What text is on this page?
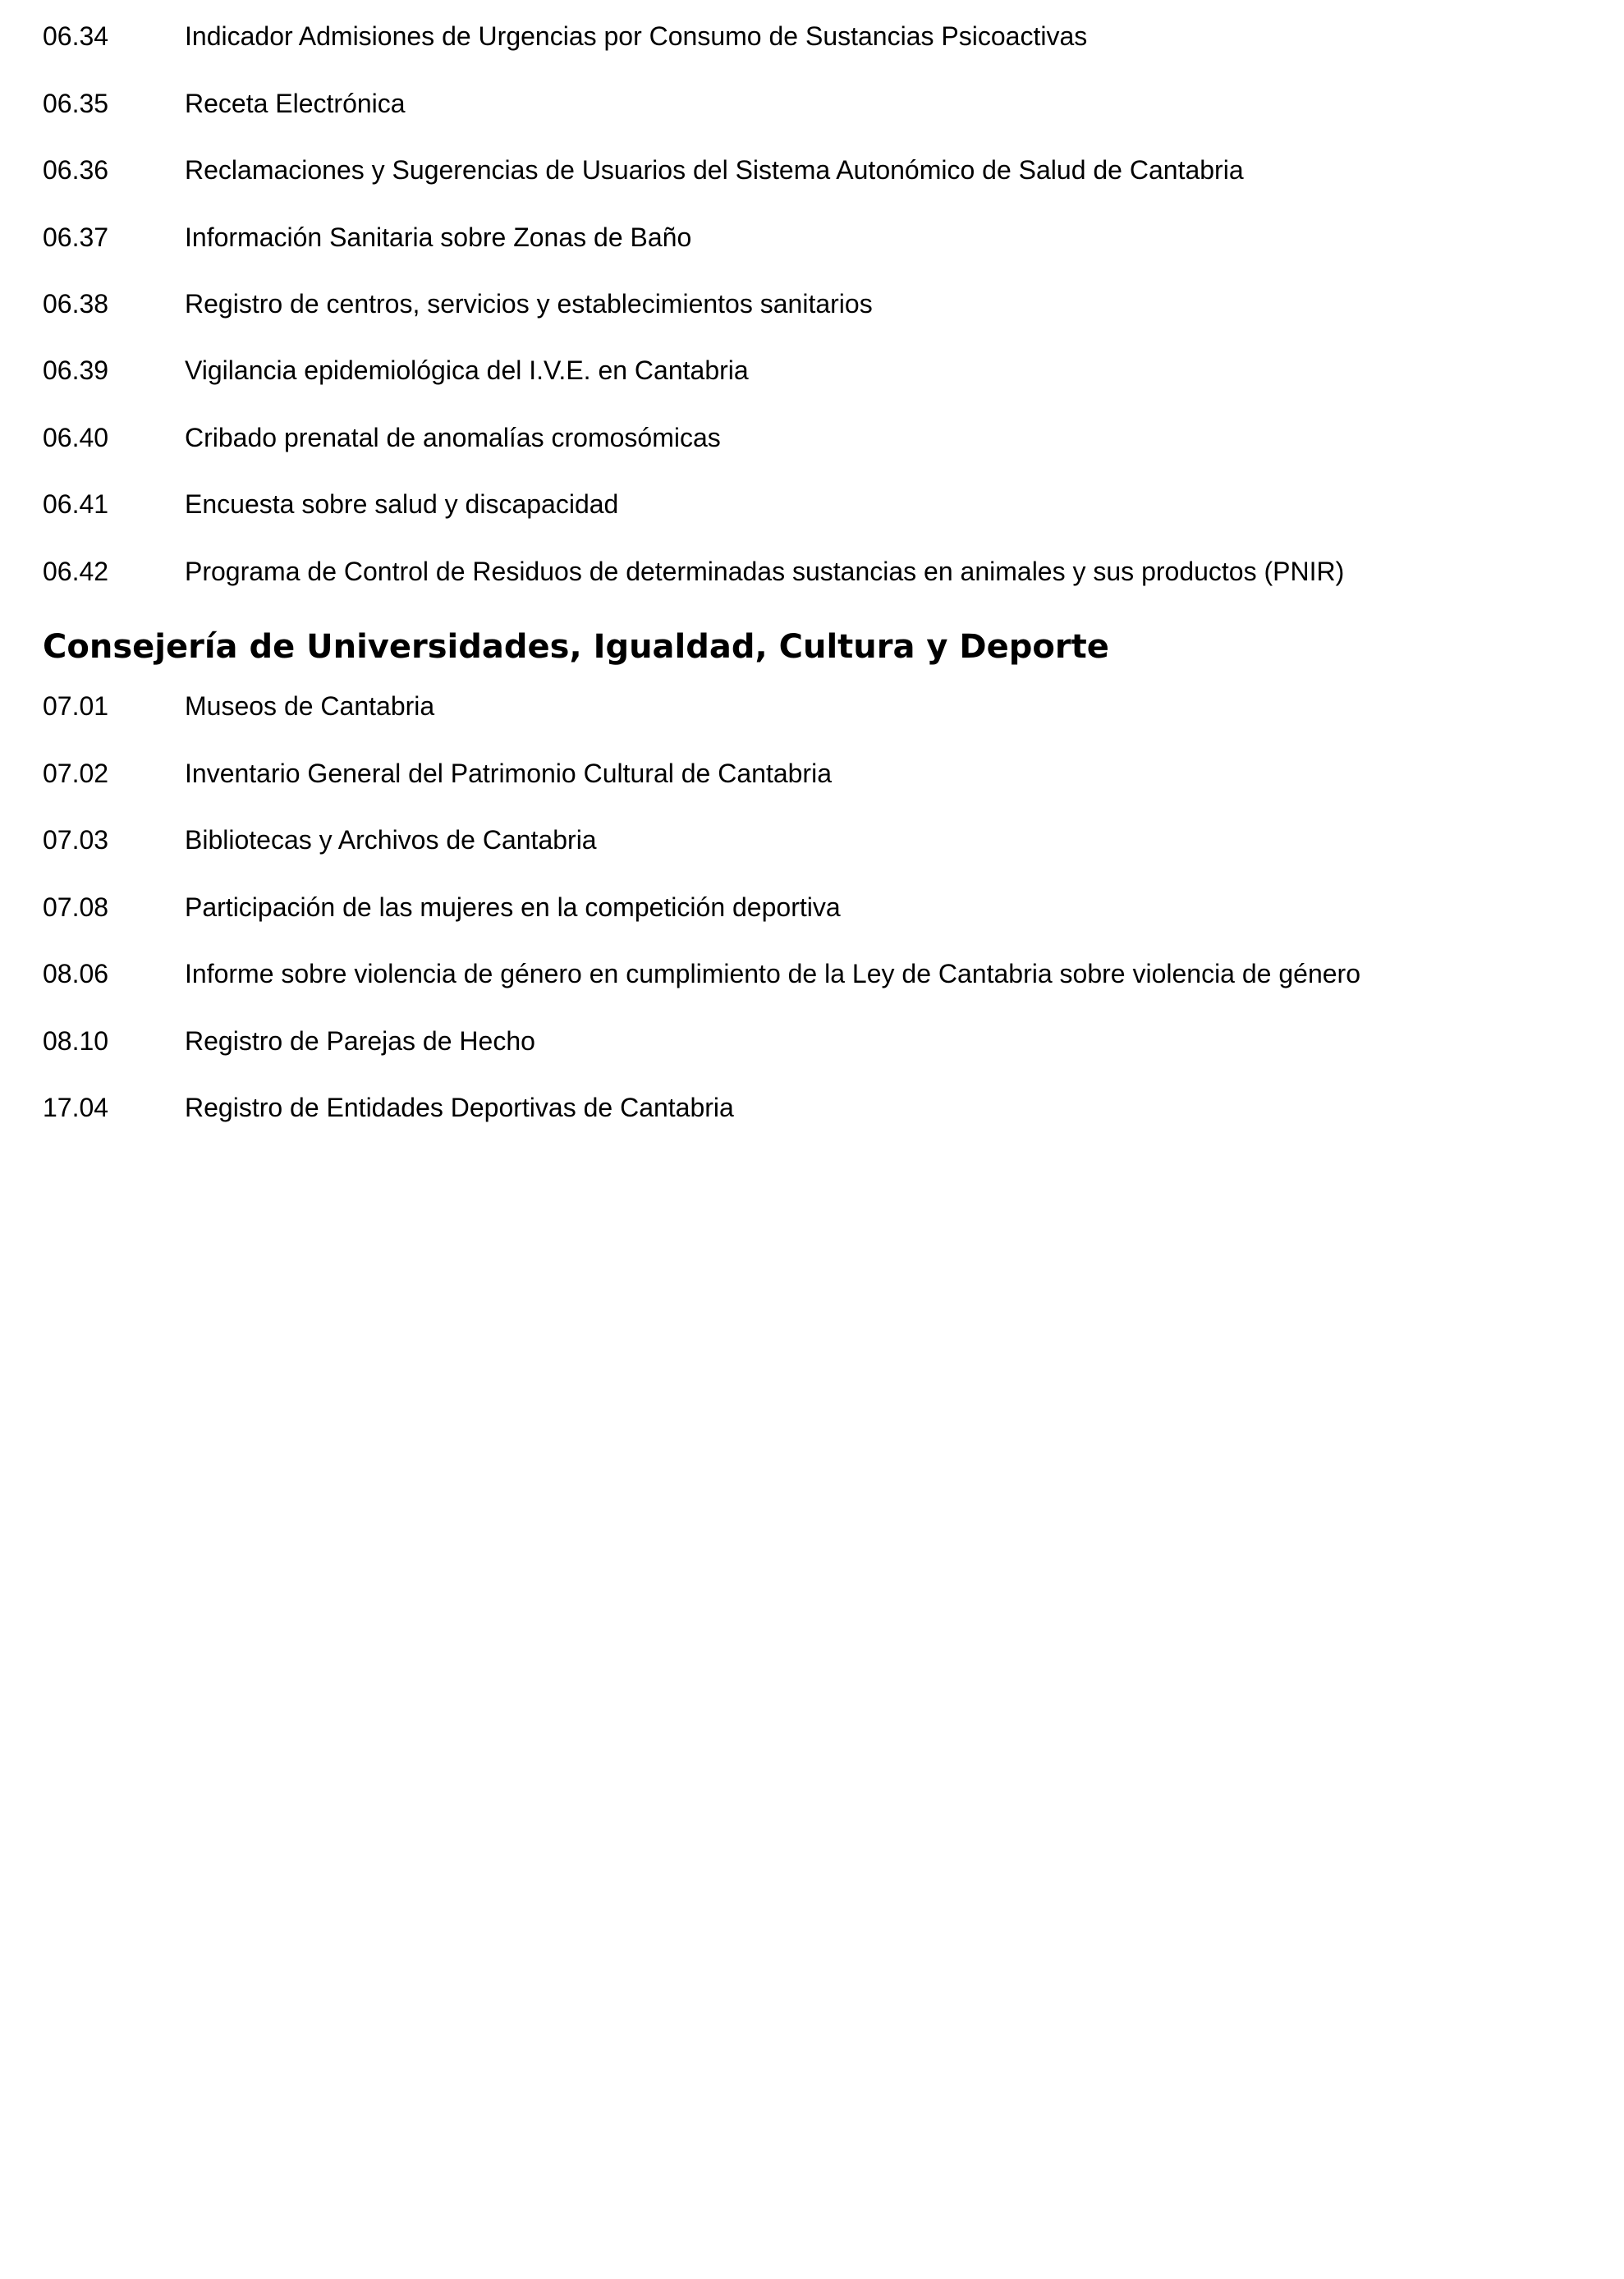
06.34	Indicador Admisiones de Urgencias por Consumo de Sustancias Psicoactivas
06.35	Receta Electrónica
06.36	Reclamaciones y Sugerencias de Usuarios del Sistema Autonómico de Salud de Cantabria
06.37	Información Sanitaria sobre Zonas de Baño
06.38	Registro de centros, servicios y establecimientos sanitarios
06.39	Vigilancia epidemiológica del I.V.E. en Cantabria
06.40	Cribado prenatal de anomalías cromosómicas
06.41	Encuesta sobre salud y discapacidad
06.42	Programa de Control de Residuos de determinadas sustancias en animales y sus productos (PNIR)
Consejería de Universidades, Igualdad, Cultura y Deporte
07.01	Museos de Cantabria
07.02	Inventario General del Patrimonio Cultural de Cantabria
07.03	Bibliotecas y Archivos de Cantabria
07.08	Participación de las mujeres en la competición deportiva
08.06	Informe sobre violencia de género en cumplimiento de la Ley de Cantabria sobre violencia de género
08.10	Registro de Parejas de Hecho
17.04	Registro de Entidades Deportivas de Cantabria
